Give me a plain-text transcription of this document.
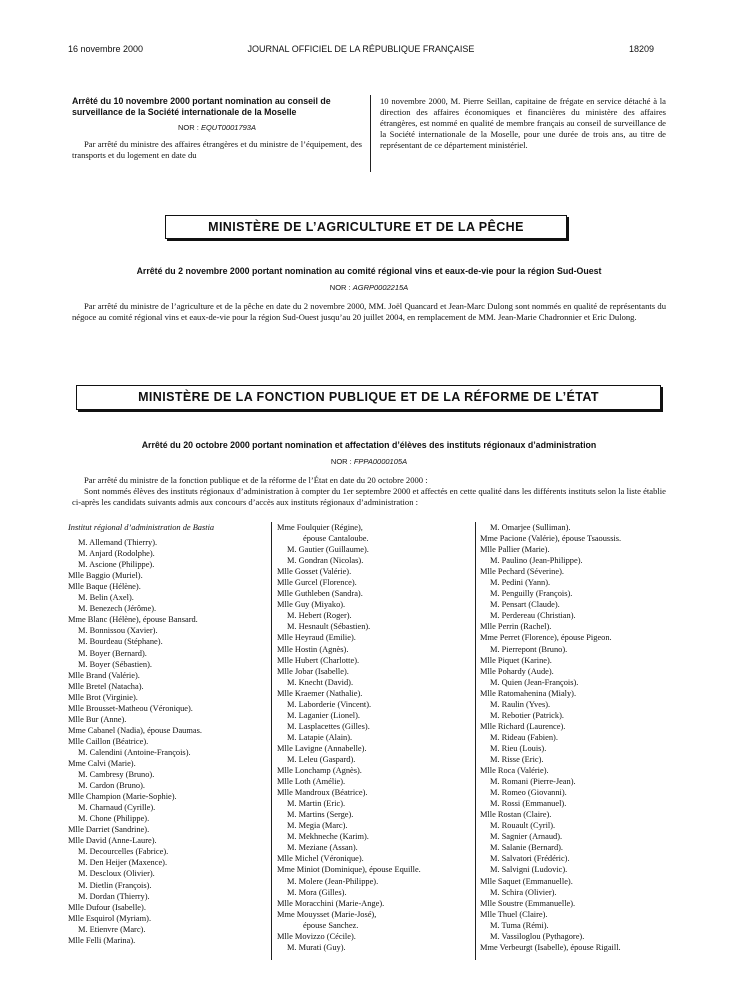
16 novembre 2000	JOURNAL OFFICIEL DE LA RÉPUBLIQUE FRANÇAISE	18209
Arrêté du 10 novembre 2000 portant nomination au conseil de surveillance de la Société internationale de la Moselle
NOR : EQUT0001793A
Par arrêté du ministre des affaires étrangères et du ministre de l’équipement, des transports et du logement en date du
10 novembre 2000, M. Pierre Seillan, capitaine de frégate en service détaché à la direction des affaires économiques et financières du ministère des affaires étrangères, est nommé en qualité de membre français au conseil de surveillance de la Société internationale de la Moselle, pour une durée de trois ans, au titre de représentant de ce département ministériel.
MINISTÈRE DE L’AGRICULTURE ET DE LA PÊCHE
Arrêté du 2 novembre 2000 portant nomination au comité régional vins et eaux-de-vie pour la région Sud-Ouest
NOR : AGRP0002215A
Par arrêté du ministre de l’agriculture et de la pêche en date du 2 novembre 2000, MM. Joël Quancard et Jean-Marc Dulong sont nommés en qualité de représentants du négoce au comité régional vins et eaux-de-vie pour la région Sud-Ouest jusqu’au 20 juillet 2004, en remplacement de MM. Jean-Marie Chadronnier et Eric Dulong.
MINISTÈRE DE LA FONCTION PUBLIQUE ET DE LA RÉFORME DE L’ÉTAT
Arrêté du 20 octobre 2000 portant nomination et affectation d’élèves des instituts régionaux d’administration
NOR : FPPA0000105A
Par arrêté du ministre de la fonction publique et de la réforme de l’État en date du 20 octobre 2000 :
Sont nommés élèves des instituts régionaux d’administration à compter du 1er septembre 2000 et affectés en cette qualité dans les différents instituts selon la liste établie ci-après les candidats suivants admis aux concours d’accès aux instituts régionaux d’administration :
Institut régional d’administration de Bastia
M. Allemand (Thierry).
M. Anjard (Rodolphe).
M. Ascione (Philippe).
Mlle Baggio (Muriel).
Mlle Baque (Hélène).
M. Belin (Axel).
M. Benezech (Jérôme).
Mme Blanc (Hélène), épouse Bansard.
M. Bonnissou (Xavier).
M. Bourdeau (Stéphane).
M. Boyer (Bernard).
M. Boyer (Sébastien).
Mlle Brand (Valérie).
Mlle Bretel (Natacha).
Mlle Brot (Virginie).
Mlle Brousset-Matheou (Véronique).
Mlle Bur (Anne).
Mme Cabanel (Nadia), épouse Daumas.
Mlle Caillon (Béatrice).
M. Calendini (Antoine-François).
Mme Calvi (Marie).
M. Cambresy (Bruno).
M. Cardon (Bruno).
Mlle Champion (Marie-Sophie).
M. Charnaud (Cyrille).
M. Chone (Philippe).
Mlle Darriet (Sandrine).
Mlle David (Anne-Laure).
M. Decourcelles (Fabrice).
M. Den Heijer (Maxence).
M. Descloux (Olivier).
M. Dietlin (François).
M. Dordan (Thierry).
Mlle Dufour (Isabelle).
Mlle Esquirol (Myriam).
M. Etienvre (Marc).
Mlle Felli (Marina).
Mme Foulquier (Régine),
épouse Cantaloube.
M. Gautier (Guillaume).
M. Gondran (Nicolas).
Mlle Gosset (Valérie).
Mlle Gurcel (Florence).
Mlle Guthleben (Sandra).
Mlle Guy (Miyako).
M. Hebert (Roger).
M. Hesnault (Sébastien).
Mlle Heyraud (Emilie).
Mlle Hostin (Agnès).
Mlle Hubert (Charlotte).
Mlle Jobar (Isabelle).
M. Knecht (David).
Mlle Kraemer (Nathalie).
M. Laborderie (Vincent).
M. Laganier (Lionel).
M. Lasplacettes (Gilles).
M. Latapie (Alain).
Mlle Lavigne (Annabelle).
M. Leleu (Gaspard).
Mlle Lonchamp (Agnès).
Mlle Loth (Amélie).
Mlle Mandroux (Béatrice).
M. Martin (Eric).
M. Martins (Serge).
M. Megia (Marc).
M. Mekhneche (Karim).
M. Meziane (Assan).
Mlle Michel (Véronique).
Mme Miniot (Dominique), épouse Equille.
M. Molere (Jean-Philippe).
M. Mora (Gilles).
Mlle Moracchini (Marie-Ange).
Mme Mouysset (Marie-José),
épouse Sanchez.
Mlle Movizzo (Cécile).
M. Murati (Guy).
M. Omarjee (Sulliman).
Mme Pacione (Valérie), épouse Tsaoussis.
Mlle Pallier (Marie).
M. Paulino (Jean-Philippe).
Mlle Pechard (Séverine).
M. Pedini (Yann).
M. Penguilly (François).
M. Pensart (Claude).
M. Perdereau (Christian).
Mlle Perrin (Rachel).
Mme Perret (Florence), épouse Pigeon.
M. Pierrepont (Bruno).
Mlle Piquet (Karine).
Mlle Pohardy (Aude).
M. Quien (Jean-François).
Mlle Ratomahenina (Mialy).
M. Raulin (Yves).
M. Rebotier (Patrick).
Mlle Richard (Laurence).
M. Rideau (Fabien).
M. Rieu (Louis).
M. Risse (Eric).
Mlle Roca (Valérie).
M. Romani (Pierre-Jean).
M. Romeo (Giovanni).
M. Rossi (Emmanuel).
Mlle Rostan (Claire).
M. Rouault (Cyril).
M. Sagnier (Arnaud).
M. Salanie (Bernard).
M. Salvatori (Frédéric).
M. Salvigni (Ludovic).
Mlle Saquet (Emmanuelle).
M. Schira (Olivier).
Mlle Soustre (Emmanuelle).
Mlle Thuel (Claire).
M. Tuma (Rémi).
M. Vassiloglou (Pythagore).
Mme Verbeurgt (Isabelle), épouse Rigaill.
